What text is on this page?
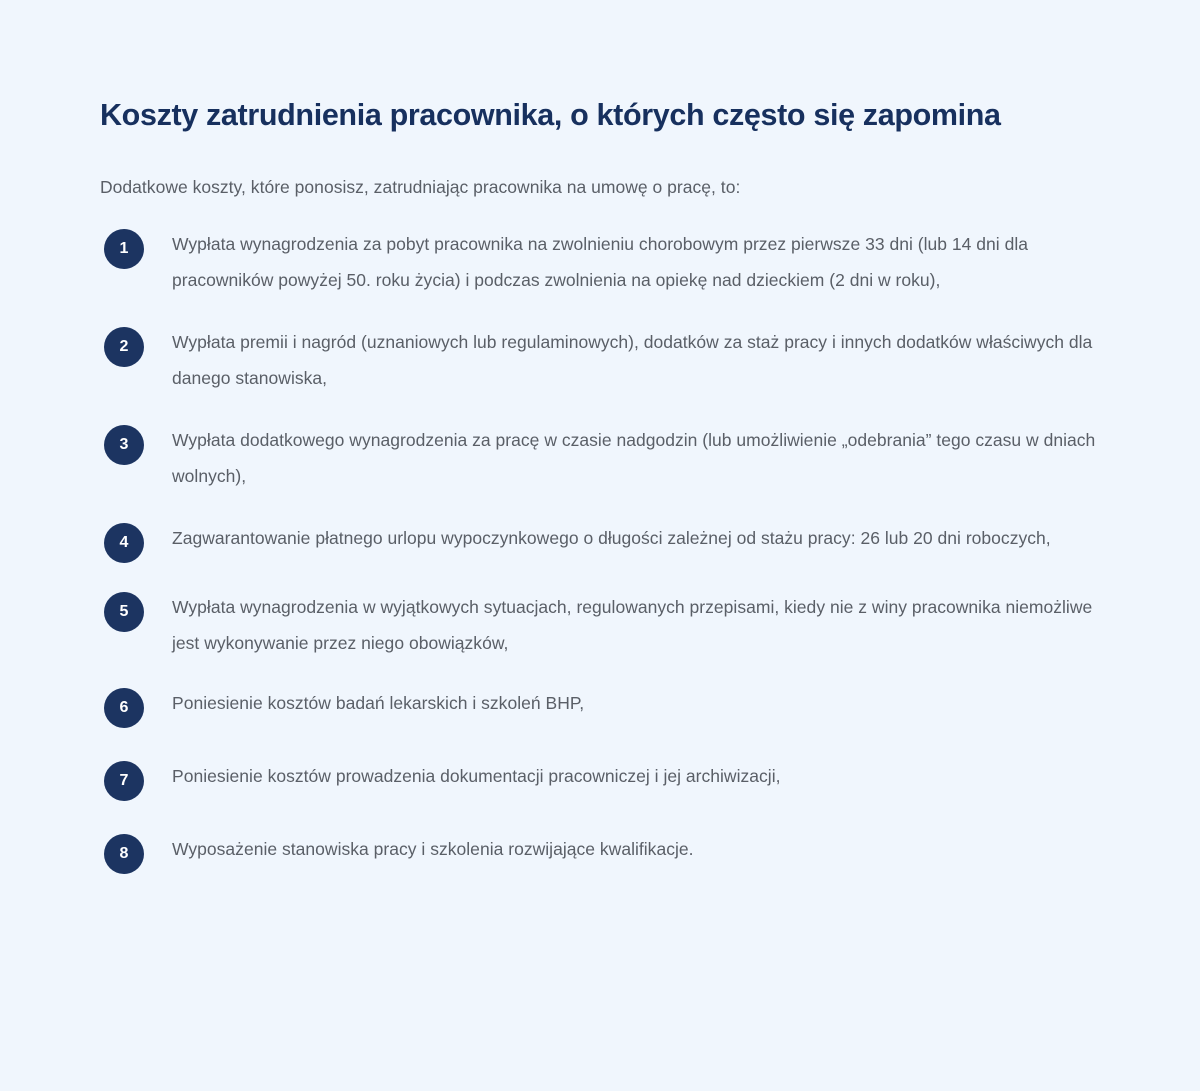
Koszty zatrudnienia pracownika, o których często się zapomina

Dodatkowe koszty, które ponosisz, zatrudniając pracownika na umowę o pracę, to:

1	Wypłata wynagrodzenia za pobyt pracownika na zwolnieniu chorobowym przez pierwsze 33 dni (lub 14 dni dla pracowników powyżej 50. roku życia) i podczas zwolnienia na opiekę nad dzieckiem (2 dni w roku),
2	Wypłata premii i nagród (uznaniowych lub regulaminowych), dodatków za staż pracy i innych dodatków właściwych dla danego stanowiska,
3	Wypłata dodatkowego wynagrodzenia za pracę w czasie nadgodzin (lub umożliwienie „odebrania” tego czasu w dniach wolnych),
4	Zagwarantowanie płatnego urlopu wypoczynkowego o długości zależnej od stażu pracy: 26 lub 20 dni roboczych,
5	Wypłata wynagrodzenia w wyjątkowych sytuacjach, regulowanych przepisami, kiedy nie z winy pracownika niemożliwe jest wykonywanie przez niego obowiązków,
6	Poniesienie kosztów badań lekarskich i szkoleń BHP,
7	Poniesienie kosztów prowadzenia dokumentacji pracowniczej i jej archiwizacji,
8	Wyposażenie stanowiska pracy i szkolenia rozwijające kwalifikacje.
